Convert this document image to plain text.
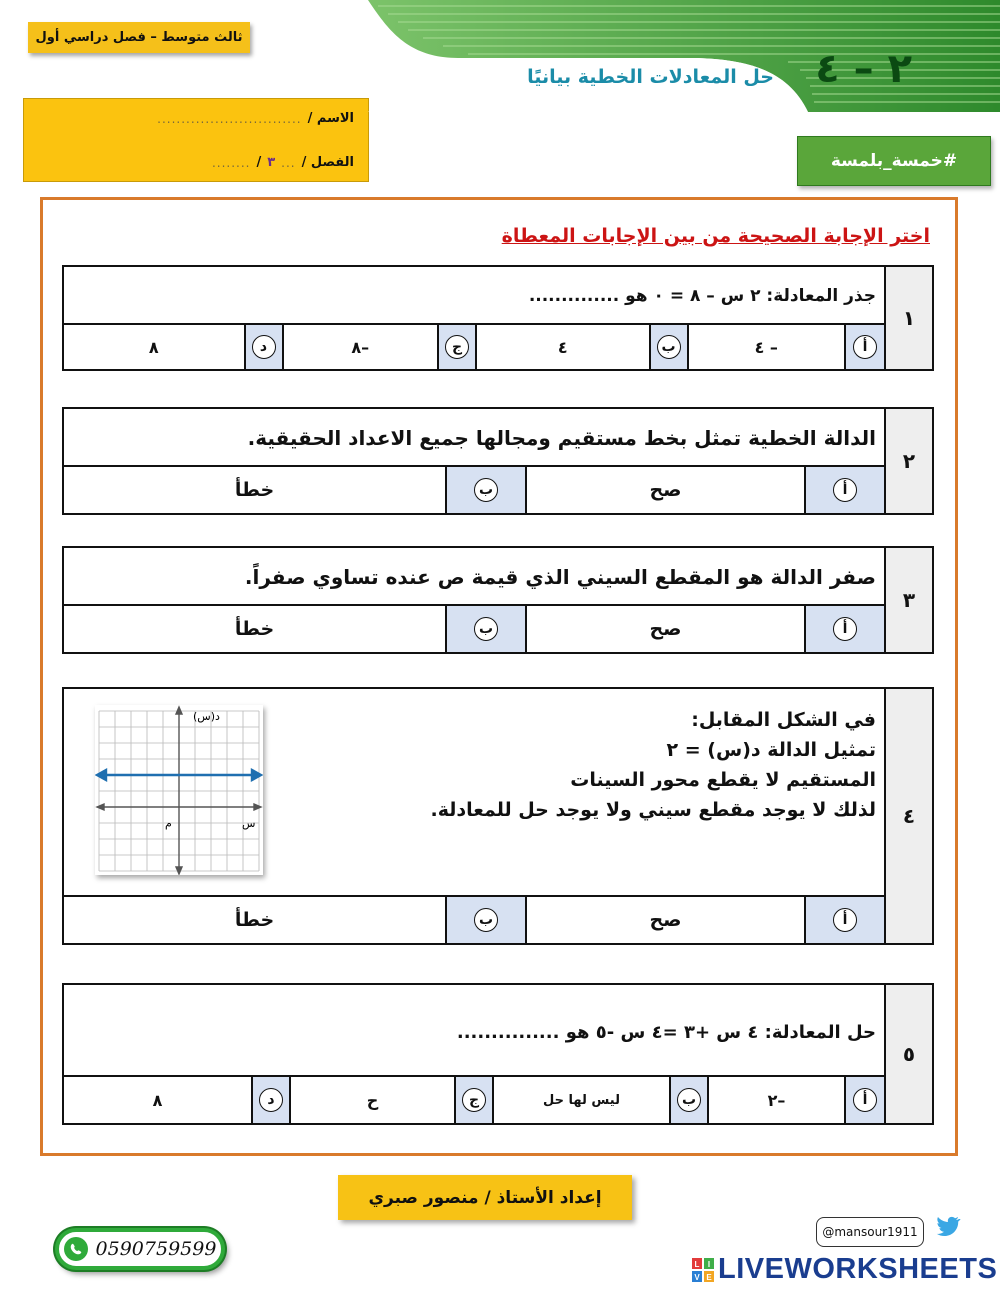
ثالث متوسط – فصل دراسي أول
الاسم /
..............................
الفصل /
...
٣
/
........
٢ – ٤
حل المعادلات الخطية بيانيًا
#خمسة_بلمسة
اختر الإجابة الصحيحة من بين الإجابات المعطاة
١
جذر المعادلة: ٢ س – ٨ = ٠ هو ..............
أ
– ٤
ب
٤
ج
–٨
د
٨
٢
الدالة الخطية تمثل بخط مستقيم ومجالها جميع الاعداد الحقيقية.
أ
صح
ب
خطأ
٣
صفر الدالة هو المقطع السيني الذي قيمة ص عنده تساوي صفراً.
أ
صح
ب
خطأ
٤
في الشكل المقابل:
تمثيل الدالة د(س) = ٢
المستقيم لا يقطع محور السينات
لذلك لا يوجد مقطع سيني ولا يوجد حل للمعادلة.
أ
صح
ب
خطأ
د(س)
س
م
٥
حل المعادلة: ٤ س +٣ =٤ س -٥ هو ...............
أ
–٢
ب
ليس لها حل
ج
ح
د
٨
إعداد الأستاذ / منصور صبري
0590759599
@mansour1911
L I
V E LIVEWORKSHEETS
